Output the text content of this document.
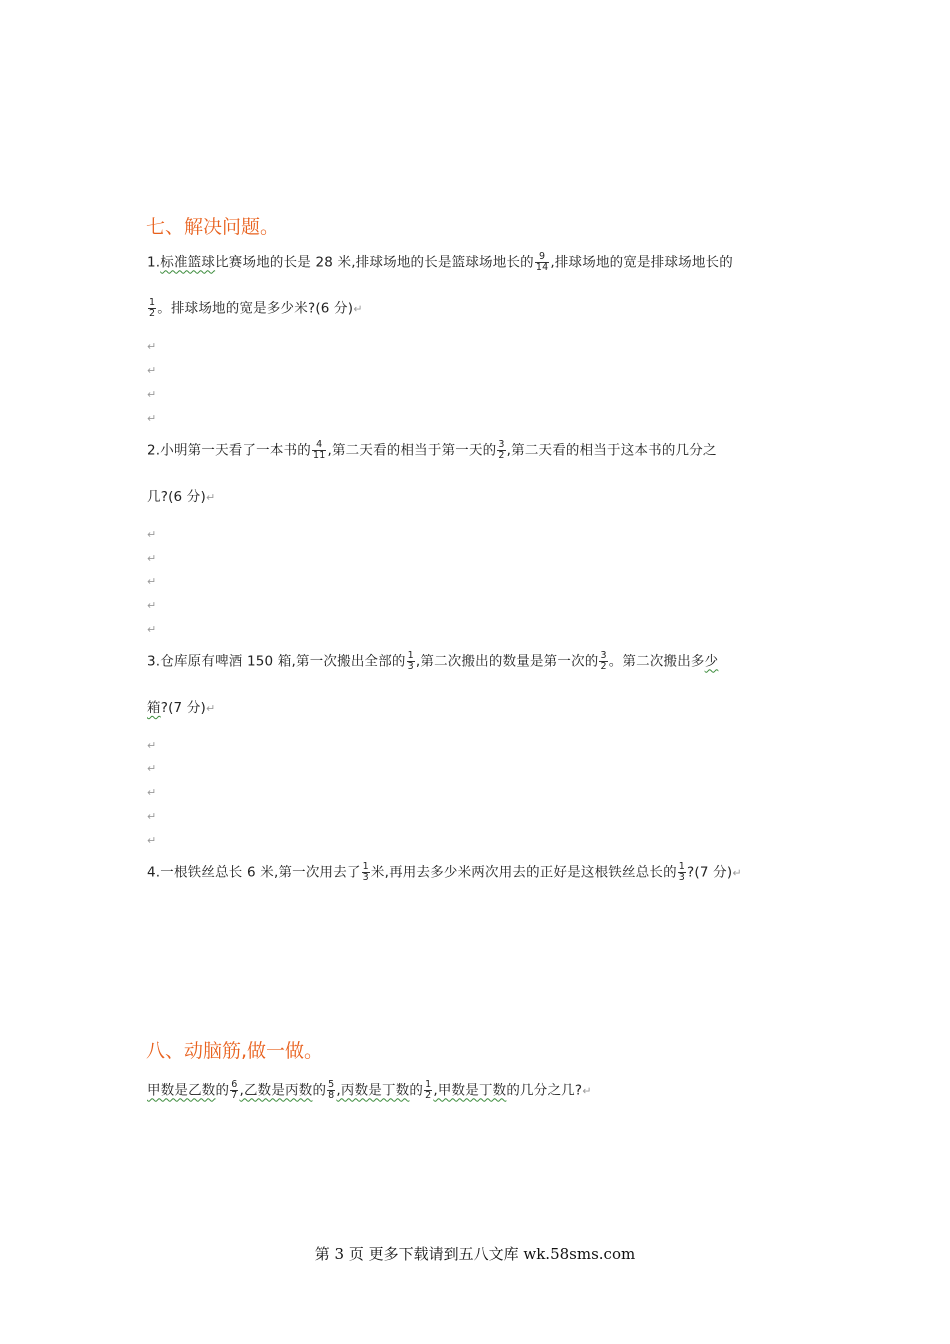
七、解决问题。
1.标准篮球比赛场地的长是 28 米,排球场地的长是篮球场地长的 $\frac{9}{14}$ ,排球场地的宽是排球场地长的
$\frac{1}{2}$ 。排球场地的宽是多少米?(6 分)↵
↵
↵
↵
↵
2.小明第一天看了一本书的 $\frac{4}{11}$ ,第二天看的相当于第一天的 $\frac{3}{2}$ ,第二天看的相当于这本书的几分之
几?(6 分)↵
↵
↵
↵
↵
↵
3.仓库原有啤酒 150 箱,第一次搬出全部的 $\frac{1}{3}$ ,第二次搬出的数量是第一次的 $\frac{3}{2}$ 。第二次搬出多少
箱?(7 分)↵
↵
↵
↵
↵
↵
4.一根铁丝总长 6 米,第一次用去了 $\frac{1}{3}$ 米,再用去多少米两次用去的正好是这根铁丝总长的 $\frac{1}{3}$ ?(7 分)↵
八、动脑筋,做一做。
甲数是乙数的 $\frac{6}{7}$ ,乙数是丙数的 $\frac{5}{8}$ ,丙数是丁数的 $\frac{1}{2}$ ,甲数是丁数的几分之几?↵
第 3 页 更多下载请到五八文库 wk.58sms.com
